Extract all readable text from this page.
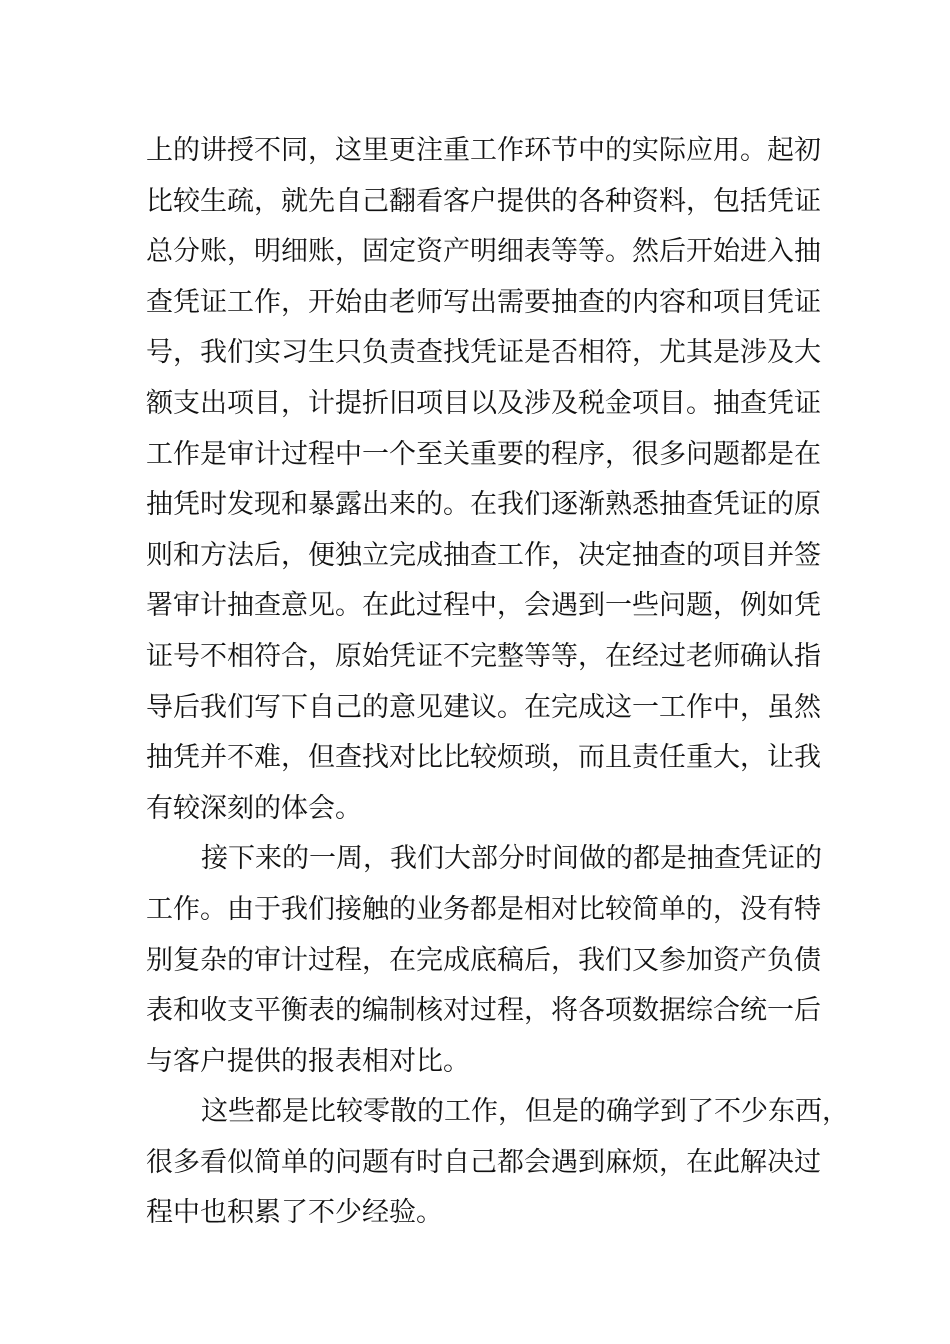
上的讲授不同，这里更注重工作环节中的实际应用。起初
比较生疏，就先自己翻看客户提供的各种资料，包括凭证
总分账，明细账，固定资产明细表等等。然后开始进入抽
查凭证工作，开始由老师写出需要抽查的内容和项目凭证
号，我们实习生只负责查找凭证是否相符，尤其是涉及大
额支出项目，计提折旧项目以及涉及税金项目。抽查凭证
工作是审计过程中一个至关重要的程序，很多问题都是在
抽凭时发现和暴露出来的。在我们逐渐熟悉抽查凭证的原
则和方法后，便独立完成抽查工作，决定抽查的项目并签
署审计抽查意见。在此过程中，会遇到一些问题，例如凭
证号不相符合，原始凭证不完整等等，在经过老师确认指
导后我们写下自己的意见建议。在完成这一工作中，虽然
抽凭并不难，但查找对比比较烦琐，而且责任重大，让我
有较深刻的体会。
接下来的一周，我们大部分时间做的都是抽查凭证的
工作。由于我们接触的业务都是相对比较简单的，没有特
别复杂的审计过程，在完成底稿后，我们又参加资产负债
表和收支平衡表的编制核对过程，将各项数据综合统一后
与客户提供的报表相对比。
这些都是比较零散的工作，但是的确学到了不少东西，
很多看似简单的问题有时自己都会遇到麻烦，在此解决过
程中也积累了不少经验。
